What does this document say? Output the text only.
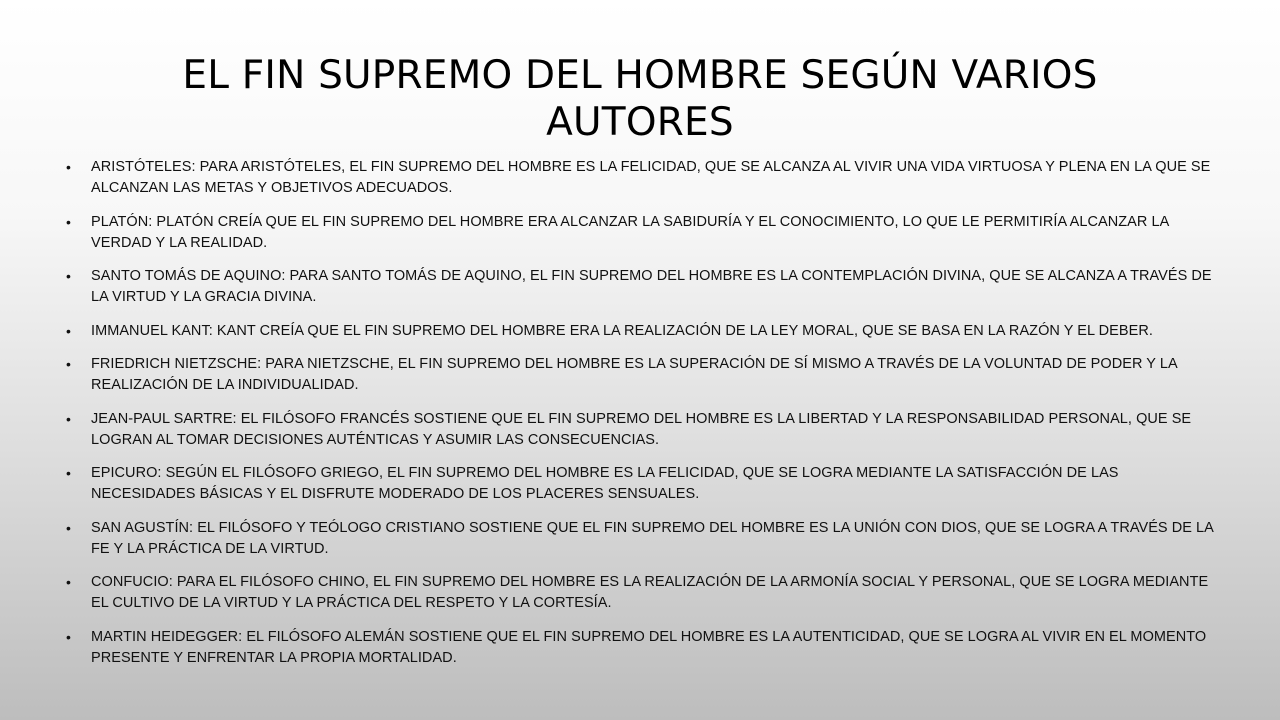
EL FIN SUPREMO DEL HOMBRE SEGÚN VARIOS AUTORES
• ARISTÓTELES: PARA ARISTÓTELES, EL FIN SUPREMO DEL HOMBRE ES LA FELICIDAD, QUE SE ALCANZA AL VIVIR UNA VIDA VIRTUOSA Y PLENA EN LA QUE SE ALCANZAN LAS METAS Y OBJETIVOS ADECUADOS.
• PLATÓN: PLATÓN CREÍA QUE EL FIN SUPREMO DEL HOMBRE ERA ALCANZAR LA SABIDURÍA Y EL CONOCIMIENTO, LO QUE LE PERMITIRÍA ALCANZAR LA VERDAD Y LA REALIDAD.
• SANTO TOMÁS DE AQUINO: PARA SANTO TOMÁS DE AQUINO, EL FIN SUPREMO DEL HOMBRE ES LA CONTEMPLACIÓN DIVINA, QUE SE ALCANZA A TRAVÉS DE LA VIRTUD Y LA GRACIA DIVINA.
• IMMANUEL KANT: KANT CREÍA QUE EL FIN SUPREMO DEL HOMBRE ERA LA REALIZACIÓN DE LA LEY MORAL, QUE SE BASA EN LA RAZÓN Y EL DEBER.
• FRIEDRICH NIETZSCHE: PARA NIETZSCHE, EL FIN SUPREMO DEL HOMBRE ES LA SUPERACIÓN DE SÍ MISMO A TRAVÉS DE LA VOLUNTAD DE PODER Y LA REALIZACIÓN DE LA INDIVIDUALIDAD.
• JEAN-PAUL SARTRE: EL FILÓSOFO FRANCÉS SOSTIENE QUE EL FIN SUPREMO DEL HOMBRE ES LA LIBERTAD Y LA RESPONSABILIDAD PERSONAL, QUE SE LOGRAN AL TOMAR DECISIONES AUTÉNTICAS Y ASUMIR LAS CONSECUENCIAS.
• EPICURO: SEGÚN EL FILÓSOFO GRIEGO, EL FIN SUPREMO DEL HOMBRE ES LA FELICIDAD, QUE SE LOGRA MEDIANTE LA SATISFACCIÓN DE LAS NECESIDADES BÁSICAS Y EL DISFRUTE MODERADO DE LOS PLACERES SENSUALES.
• SAN AGUSTÍN: EL FILÓSOFO Y TEÓLOGO CRISTIANO SOSTIENE QUE EL FIN SUPREMO DEL HOMBRE ES LA UNIÓN CON DIOS, QUE SE LOGRA A TRAVÉS DE LA FE Y LA PRÁCTICA DE LA VIRTUD.
• CONFUCIO: PARA EL FILÓSOFO CHINO, EL FIN SUPREMO DEL HOMBRE ES LA REALIZACIÓN DE LA ARMONÍA SOCIAL Y PERSONAL, QUE SE LOGRA MEDIANTE EL CULTIVO DE LA VIRTUD Y LA PRÁCTICA DEL RESPETO Y LA CORTESÍA.
• MARTIN HEIDEGGER: EL FILÓSOFO ALEMÁN SOSTIENE QUE EL FIN SUPREMO DEL HOMBRE ES LA AUTENTICIDAD, QUE SE LOGRA AL VIVIR EN EL MOMENTO PRESENTE Y ENFRENTAR LA PROPIA MORTALIDAD.
